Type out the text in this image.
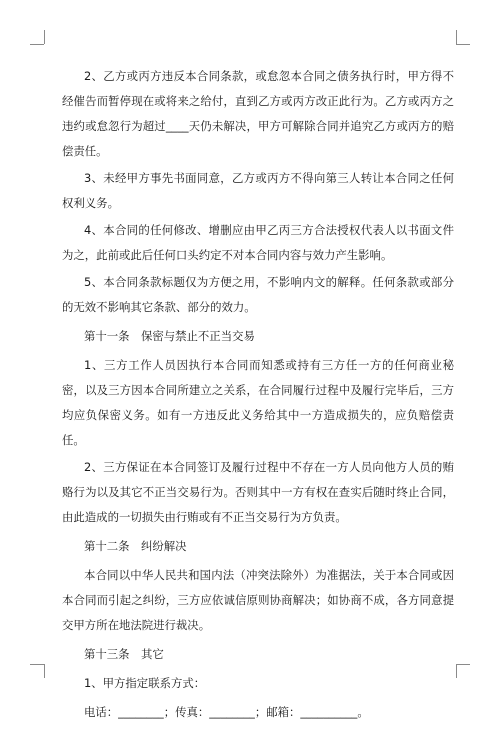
2、乙方或丙方违反本合同条款，或怠忽本合同之债务执行时，甲方得不经催告而暂停现在或将来之给付，直到乙方或丙方改正此行为。乙方或丙方之违约或怠忽行为超过____天仍未解决，甲方可解除合同并追究乙方或丙方的赔偿责任。

3、未经甲方事先书面同意，乙方或丙方不得向第三人转让本合同之任何权利义务。

4、本合同的任何修改、增删应由甲乙丙三方合法授权代表人以书面文件为之，此前或此后任何口头约定不对本合同内容与效力产生影响。

5、本合同条款标题仅为方便之用，不影响内文的解释。任何条款或部分的无效不影响其它条款、部分的效力。

第十一条　保密与禁止不正当交易

1、三方工作人员因执行本合同而知悉或持有三方任一方的任何商业秘密，以及三方因本合同所建立之关系，在合同履行过程中及履行完毕后，三方均应负保密义务。如有一方违反此义务给其中一方造成损失的，应负赔偿责任。

2、三方保证在本合同签订及履行过程中不存在一方人员向他方人员的贿赂行为以及其它不正当交易行为。否则其中一方有权在查实后随时终止合同，由此造成的一切损失由行贿或有不正当交易行为方负责。

第十二条　纠纷解决

本合同以中华人民共和国内法（冲突法除外）为准据法，关于本合同或因本合同而引起之纠纷，三方应依诚信原则协商解决；如协商不成，各方同意提交甲方所在地法院进行裁决。

第十三条　其它

1、甲方指定联系方式：

电话：________；传真：________；邮箱：__________。
